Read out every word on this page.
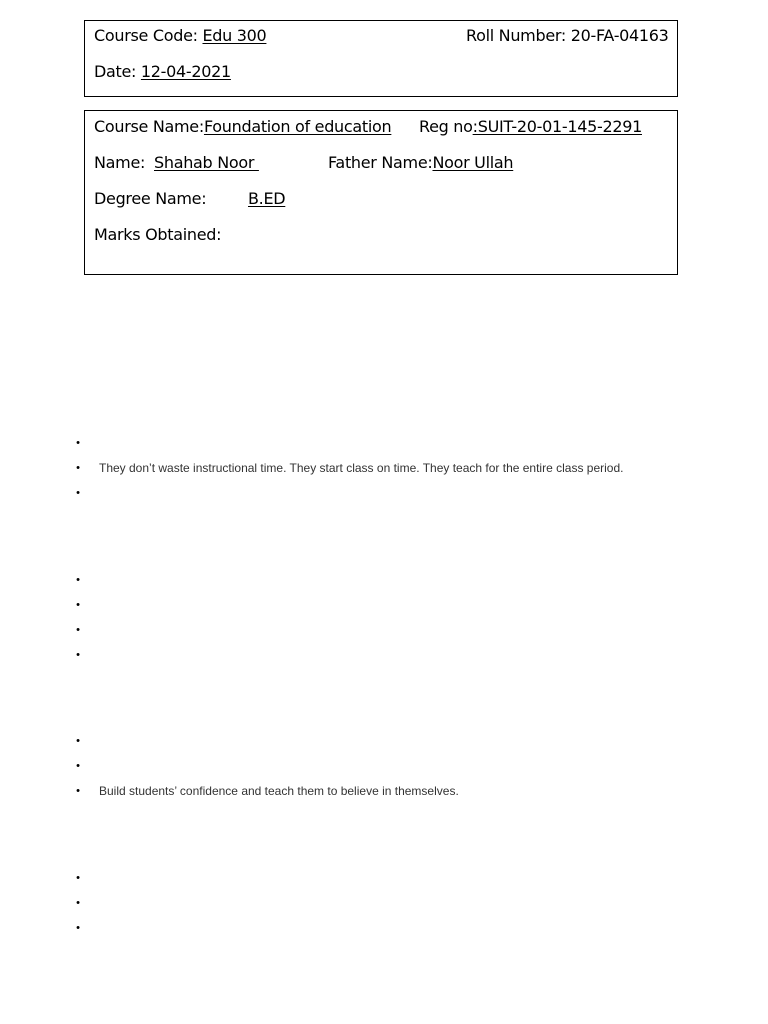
Course Code: Edu 300	Roll Number: 20-FA-04163
Date: 12-04-2021
Course Name:Foundation of education Reg no:SUIT-20-01-145-2291
Name: Shahab Noor	Father Name:Noor Ullah
Degree Name:	B.ED
Marks Obtained:
•
• They don’t waste instructional time. They start class on time. They teach for the entire class period.
•
•
•
•
•
•
•
• Build students’ confidence and teach them to believe in themselves.
•
•
•
